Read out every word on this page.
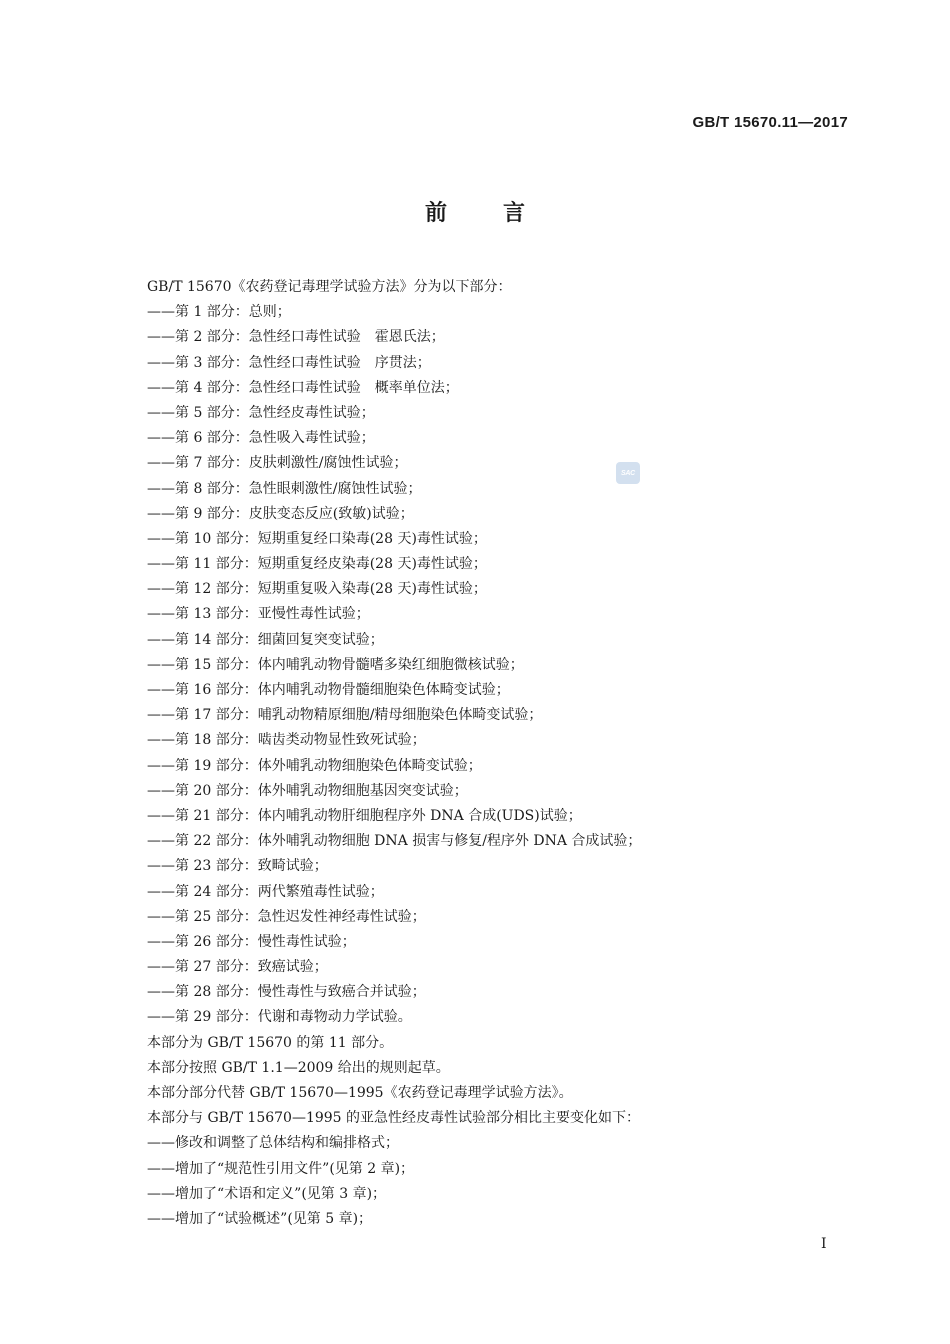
GB/T 15670.11—2017
前言
GB/T 15670《农药登记毒理学试验方法》分为以下部分：
——第 1 部分：总则；
——第 2 部分：急性经口毒性试验　霍恩氏法；
——第 3 部分：急性经口毒性试验　序贯法；
——第 4 部分：急性经口毒性试验　概率单位法；
——第 5 部分：急性经皮毒性试验；
——第 6 部分：急性吸入毒性试验；
——第 7 部分：皮肤刺激性/腐蚀性试验；
——第 8 部分：急性眼刺激性/腐蚀性试验；
——第 9 部分：皮肤变态反应(致敏)试验；
——第 10 部分：短期重复经口染毒(28 天)毒性试验；
——第 11 部分：短期重复经皮染毒(28 天)毒性试验；
——第 12 部分：短期重复吸入染毒(28 天)毒性试验；
——第 13 部分：亚慢性毒性试验；
——第 14 部分：细菌回复突变试验；
——第 15 部分：体内哺乳动物骨髓嗜多染红细胞微核试验；
——第 16 部分：体内哺乳动物骨髓细胞染色体畸变试验；
——第 17 部分：哺乳动物精原细胞/精母细胞染色体畸变试验；
——第 18 部分：啮齿类动物显性致死试验；
——第 19 部分：体外哺乳动物细胞染色体畸变试验；
——第 20 部分：体外哺乳动物细胞基因突变试验；
——第 21 部分：体内哺乳动物肝细胞程序外 DNA 合成(UDS)试验；
——第 22 部分：体外哺乳动物细胞 DNA 损害与修复/程序外 DNA 合成试验；
——第 23 部分：致畸试验；
——第 24 部分：两代繁殖毒性试验；
——第 25 部分：急性迟发性神经毒性试验；
——第 26 部分：慢性毒性试验；
——第 27 部分：致癌试验；
——第 28 部分：慢性毒性与致癌合并试验；
——第 29 部分：代谢和毒物动力学试验。
本部分为 GB/T 15670 的第 11 部分。
本部分按照 GB/T 1.1—2009 给出的规则起草。
本部分部分代替 GB/T 15670—1995《农药登记毒理学试验方法》。
本部分与 GB/T 15670—1995 的亚急性经皮毒性试验部分相比主要变化如下：
——修改和调整了总体结构和编排格式；
——增加了“规范性引用文件”(见第 2 章)；
——增加了“术语和定义”(见第 3 章)；
——增加了“试验概述”(见第 5 章)；
SAC
I
